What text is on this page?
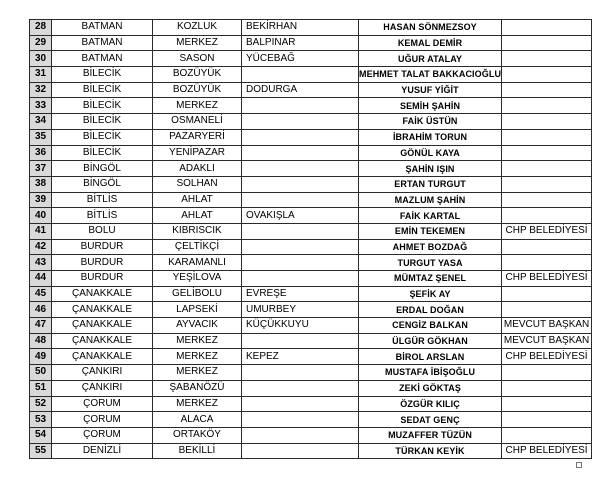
28	BATMAN	KOZLUK	BEKİRHAN	HASAN SÖNMEZSOY	
29	BATMAN	MERKEZ	BALPINAR	KEMAL DEMİR	
30	BATMAN	SASON	YÜCEBAĞ	UĞUR ATALAY	
31	BİLECİK	BOZÜYÜK		MEHMET TALAT BAKKACIOĞLU	
32	BİLECİK	BOZÜYÜK	DODURGA	YUSUF YİĞİT	
33	BİLECİK	MERKEZ		SEMİH ŞAHİN	
34	BİLECİK	OSMANELİ		FAİK ÜSTÜN	
35	BİLECİK	PAZARYERİ		İBRAHİM TORUN	
36	BİLECİK	YENİPAZAR		GÖNÜL KAYA	
37	BİNGÖL	ADAKLI		ŞAHİN IŞIN	
38	BİNGÖL	SOLHAN		ERTAN TURGUT	
39	BİTLİS	AHLAT		MAZLUM ŞAHİN	
40	BİTLİS	AHLAT	OVAKIŞLA	FAİK KARTAL	
41	BOLU	KIBRISCIK		EMİN TEKEMEN	CHP BELEDİYESİ
42	BURDUR	ÇELTİKÇİ		AHMET BOZDAĞ	
43	BURDUR	KARAMANLI		TURGUT YASA	
44	BURDUR	YEŞİLOVA		MÜMTAZ ŞENEL	CHP BELEDİYESİ
45	ÇANAKKALE	GELİBOLU	EVREŞE	ŞEFİK AY	
46	ÇANAKKALE	LAPSEKİ	UMURBEY	ERDAL DOĞAN	
47	ÇANAKKALE	AYVACIK	KÜÇÜKKUYU	CENGİZ BALKAN	MEVCUT BAŞKAN
48	ÇANAKKALE	MERKEZ		ÜLGÜR GÖKHAN	MEVCUT BAŞKAN
49	ÇANAKKALE	MERKEZ	KEPEZ	BİROL ARSLAN	CHP BELEDİYESİ
50	ÇANKIRI	MERKEZ		MUSTAFA İBİŞOĞLU	
51	ÇANKIRI	ŞABANÖZÜ		ZEKİ GÖKTAŞ	
52	ÇORUM	MERKEZ		ÖZGÜR KILIÇ	
53	ÇORUM	ALACA		SEDAT GENÇ	
54	ÇORUM	ORTAKÖY		MUZAFFER TÜZÜN	
55	DENİZLİ	BEKİLLİ		TÜRKAN KEYİK	CHP BELEDİYESİ
